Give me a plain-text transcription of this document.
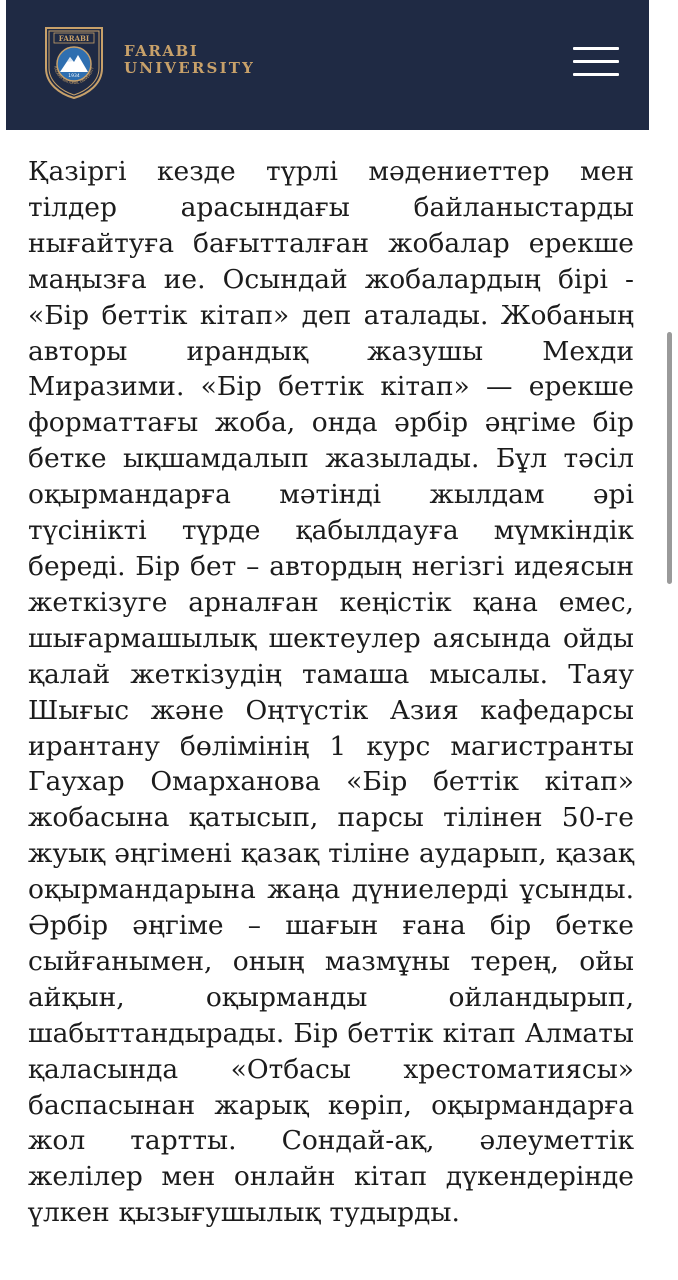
FARABI
1934
KAZAKH NATIONAL UNIVERSITY
FARABI
UNIVERSITY
Қазіргі кезде түрлі мәдениеттер мен тілдер арасындағы байланыстарды нығайтуға бағытталған жобалар ерекше маңызға ие. Осындай жобалардың бірі - «Бір беттік кітап» деп аталады. Жобаның авторы ирандық жазушы Мехди Миразими. «Бір беттік кітап» — ерекше форматтағы жоба, онда әрбір әңгіме бір бетке ықшамдалып жазылады. Бұл тәсіл оқырмандарға мәтінді жылдам әрі түсінікті түрде қабылдауға мүмкіндік береді. Бір бет – автордың негізгі идеясын жеткізуге арналған кеңістік қана емес, шығармашылық шектеулер аясында ойды қалай жеткізудің тамаша мысалы. Таяу Шығыс және Оңтүстік Азия кафедарсы ирантану бөлімінің 1 курс магистранты Гаухар Омарханова «Бір беттік кітап» жобасына қатысып, парсы тілінен 50-ге жуық әңгімені қазақ тіліне аударып, қазақ оқырмандарына жаңа дүниелерді ұсынды. Әрбір әңгіме – шағын ғана бір бетке сыйғанымен, оның мазмұны терең, ойы айқын, оқырманды ойландырып, шабыттандырады. Бір беттік кітап Алматы қаласында «Отбасы хрестоматиясы» баспасынан жарық көріп, оқырмандарға жол тартты. Сондай-ақ, әлеуметтік желілер мен онлайн кітап дүкендерінде үлкен қызығушылық тудырды.
